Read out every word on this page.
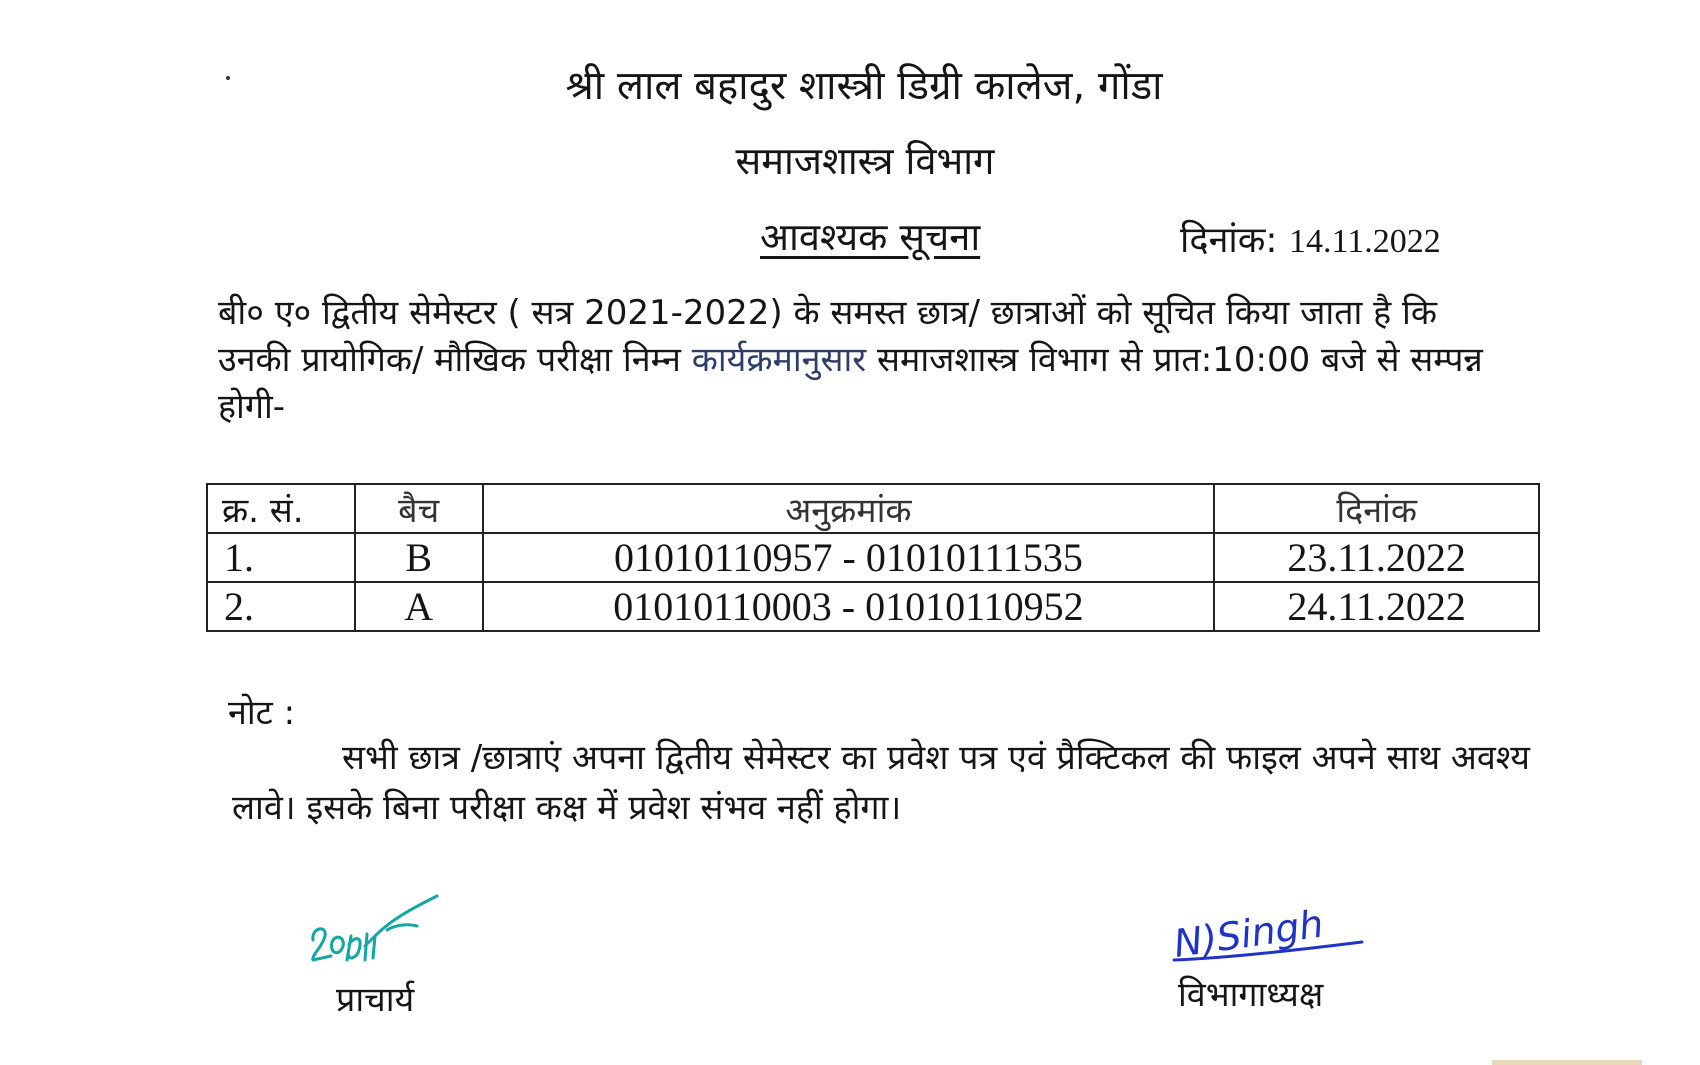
श्री लाल बहादुर शास्त्री डिग्री कालेज, गोंडा
समाजशास्त्र विभाग
आवश्यक सूचना	दिनांक: 14.11.2022
बी० ए० द्वितीय सेमेस्टर ( सत्र 2021-2022) के समस्त छात्र/ छात्राओं को सूचित किया जाता है कि उनकी प्रायोगिक/ मौखिक परीक्षा निम्न कार्यक्रमानुसार समाजशास्त्र विभाग से प्रात:10:00 बजे से सम्पन्न होगी-
क्र. सं.	बैच	अनुक्रमांक	दिनांक
1.	B	01010110957 - 01010111535	23.11.2022
2.	A	01010110003 - 01010110952	24.11.2022
नोट :
सभी छात्र /छात्राएं अपना द्वितीय सेमेस्टर का प्रवेश पत्र एवं प्रैक्टिकल की फाइल अपने साथ अवश्य लावे। इसके बिना परीक्षा कक्ष में प्रवेश संभव नहीं होगा।
N)Singh
प्राचार्य	विभागाध्यक्ष
